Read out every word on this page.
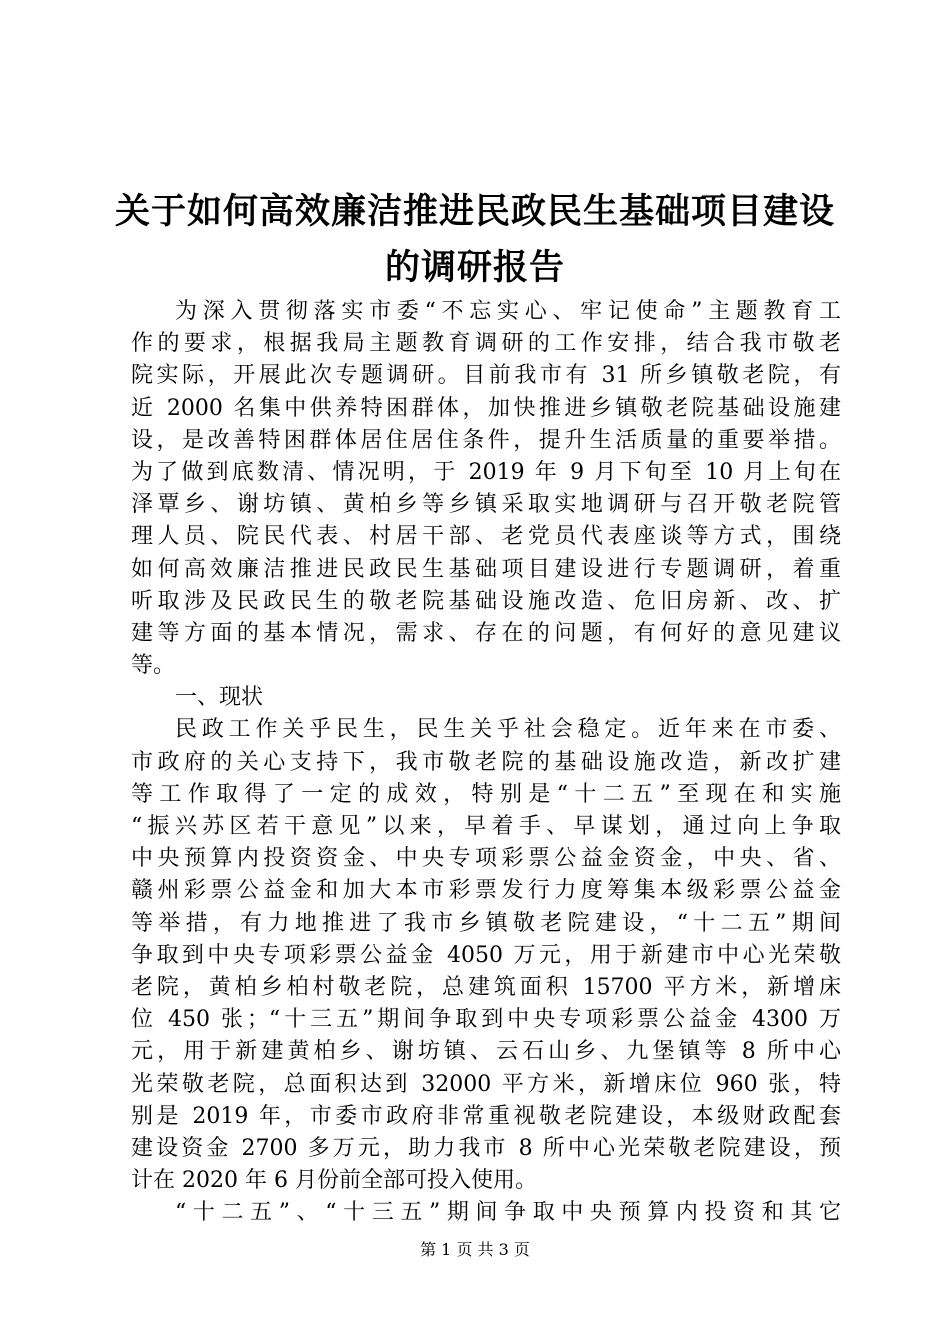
关于如何高效廉洁推进民政民生基础项目建设
的调研报告
为深入贯彻落实市委“不忘实心、牢记使命”主题教育工
作的要求，根据我局主题教育调研的工作安排，结合我市敬老
院实际，开展此次专题调研。目前我市有 31 所乡镇敬老院，有
近 2000 名集中供养特困群体，加快推进乡镇敬老院基础设施建
设，是改善特困群体居住居住条件，提升生活质量的重要举措。
为了做到底数清、情况明，于 2019 年 9 月下旬至 10 月上旬在
泽覃乡、谢坊镇、黄柏乡等乡镇采取实地调研与召开敬老院管
理人员、院民代表、村居干部、老党员代表座谈等方式，围绕
如何高效廉洁推进民政民生基础项目建设进行专题调研，着重
听取涉及民政民生的敬老院基础设施改造、危旧房新、改、扩
建等方面的基本情况，需求、存在的问题，有何好的意见建议
等。
一、现状
民政工作关乎民生，民生关乎社会稳定。近年来在市委、
市政府的关心支持下，我市敬老院的基础设施改造，新改扩建
等工作取得了一定的成效，特别是“十二五”至现在和实施
“振兴苏区若干意见”以来，早着手、早谋划，通过向上争取
中央预算内投资资金、中央专项彩票公益金资金，中央、省、
赣州彩票公益金和加大本市彩票发行力度筹集本级彩票公益金
等举措，有力地推进了我市乡镇敬老院建设，“十二五”期间
争取到中央专项彩票公益金 4050 万元，用于新建市中心光荣敬
老院，黄柏乡柏村敬老院，总建筑面积 15700 平方米，新增床
位 450 张；“十三五”期间争取到中央专项彩票公益金 4300 万
元，用于新建黄柏乡、谢坊镇、云石山乡、九堡镇等 8 所中心
光荣敬老院，总面积达到 32000 平方米，新增床位 960 张，特
别是 2019 年，市委市政府非常重视敬老院建设，本级财政配套
建设资金 2700 多万元，助力我市 8 所中心光荣敬老院建设，预
计在 2020 年 6 月份前全部可投入使用。
“十二五”、“十三五”期间争取中央预算内投资和其它
第 1 页 共 3 页
